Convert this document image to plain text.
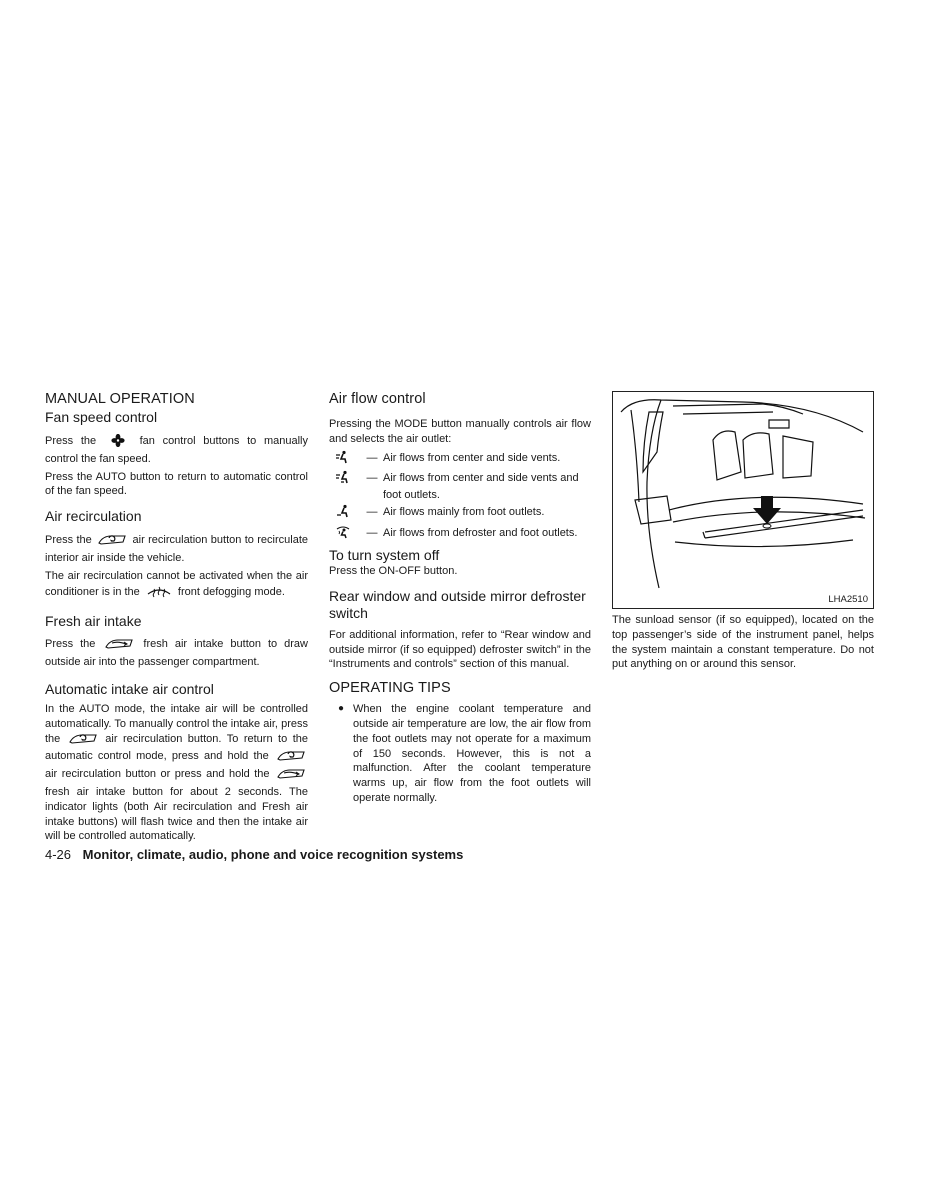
MANUAL OPERATION
Fan speed control

Press the	fan control buttons to manually control the fan speed.

Press the AUTO button to return to automatic control of the fan speed.

Air recirculation

Press the	air recirculation button to recirculate interior air inside the vehicle.

The air recirculation cannot be activated when the air conditioner is in the	front defogging mode.

Fresh air intake

Press the	fresh air intake button to draw outside air into the passenger compartment.

Automatic intake air control

In the AUTO mode, the intake air will be controlled automatically. To manually control the intake air, press the	air recirculation button. To return to the automatic control mode, press and hold the  air recirculation button or press and hold the  fresh air intake button for about 2 seconds. The indicator lights (both Air recirculation and Fresh air intake buttons) will flash twice and then the intake air will be controlled automatically.

Air flow control

Pressing the MODE button manually controls air flow and selects the air outlet:

— Air flows from center and side vents.
— Air flows from center and side vents and foot outlets.
— Air flows mainly from foot outlets.
— Air flows from defroster and foot outlets.
To turn system off

Press the ON-OFF button.

Rear window and outside mirror defroster switch

For additional information, refer to “Rear window and outside mirror (if so equipped) defroster switch” in the “Instruments and controls” section of this manual.

OPERATING TIPS
● When the engine coolant temperature and outside air temperature are low, the air flow from the foot outlets may not operate for a maximum of 150 seconds. However, this is not a malfunction. After the coolant temperature warms up, air flow from the foot outlets will operate normally.
LHA2510

The sunload sensor (if so equipped), located on the top passenger’s side of the instrument panel, helps the system maintain a constant temperature. Do not put anything on or around this sensor.

4-26 Monitor, climate, audio, phone and voice recognition systems
